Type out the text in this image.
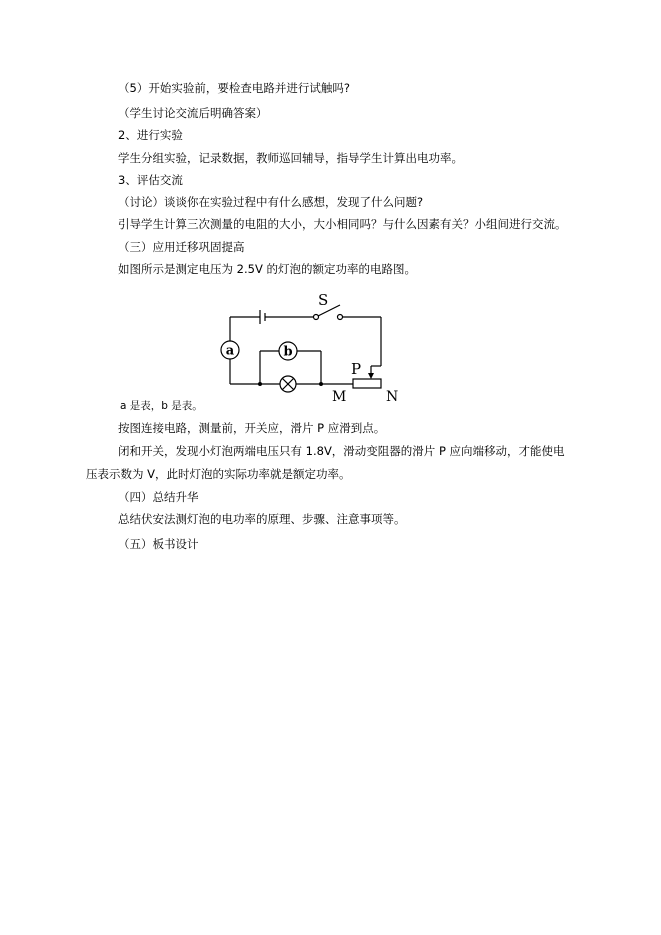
（5）开始实验前，要检查电路并进行试触吗?
（学生讨论交流后明确答案）
2、进行实验
学生分组实验，记录数据，教师巡回辅导，指导学生计算出电功率。
3、评估交流
（讨论）谈谈你在实验过程中有什么感想，发现了什么问题?
引导学生计算三次测量的电阻的大小，大小相同吗？与什么因素有关？小组间进行交流。
（三）应用迁移巩固提高
如图所示是测定电压为 2.5V 的灯泡的额定功率的电路图。
S
a	b
P
M	N
a 是表，b 是表。
按图连接电路，测量前，开关应，滑片 P 应滑到点。
闭和开关，发现小灯泡两端电压只有 1.8V，滑动变阻器的滑片 P 应向端移动，才能使电
压表示数为 V，此时灯泡的实际功率就是额定功率。
（四）总结升华
总结伏安法测灯泡的电功率的原理、步骤、注意事项等。
（五）板书设计
